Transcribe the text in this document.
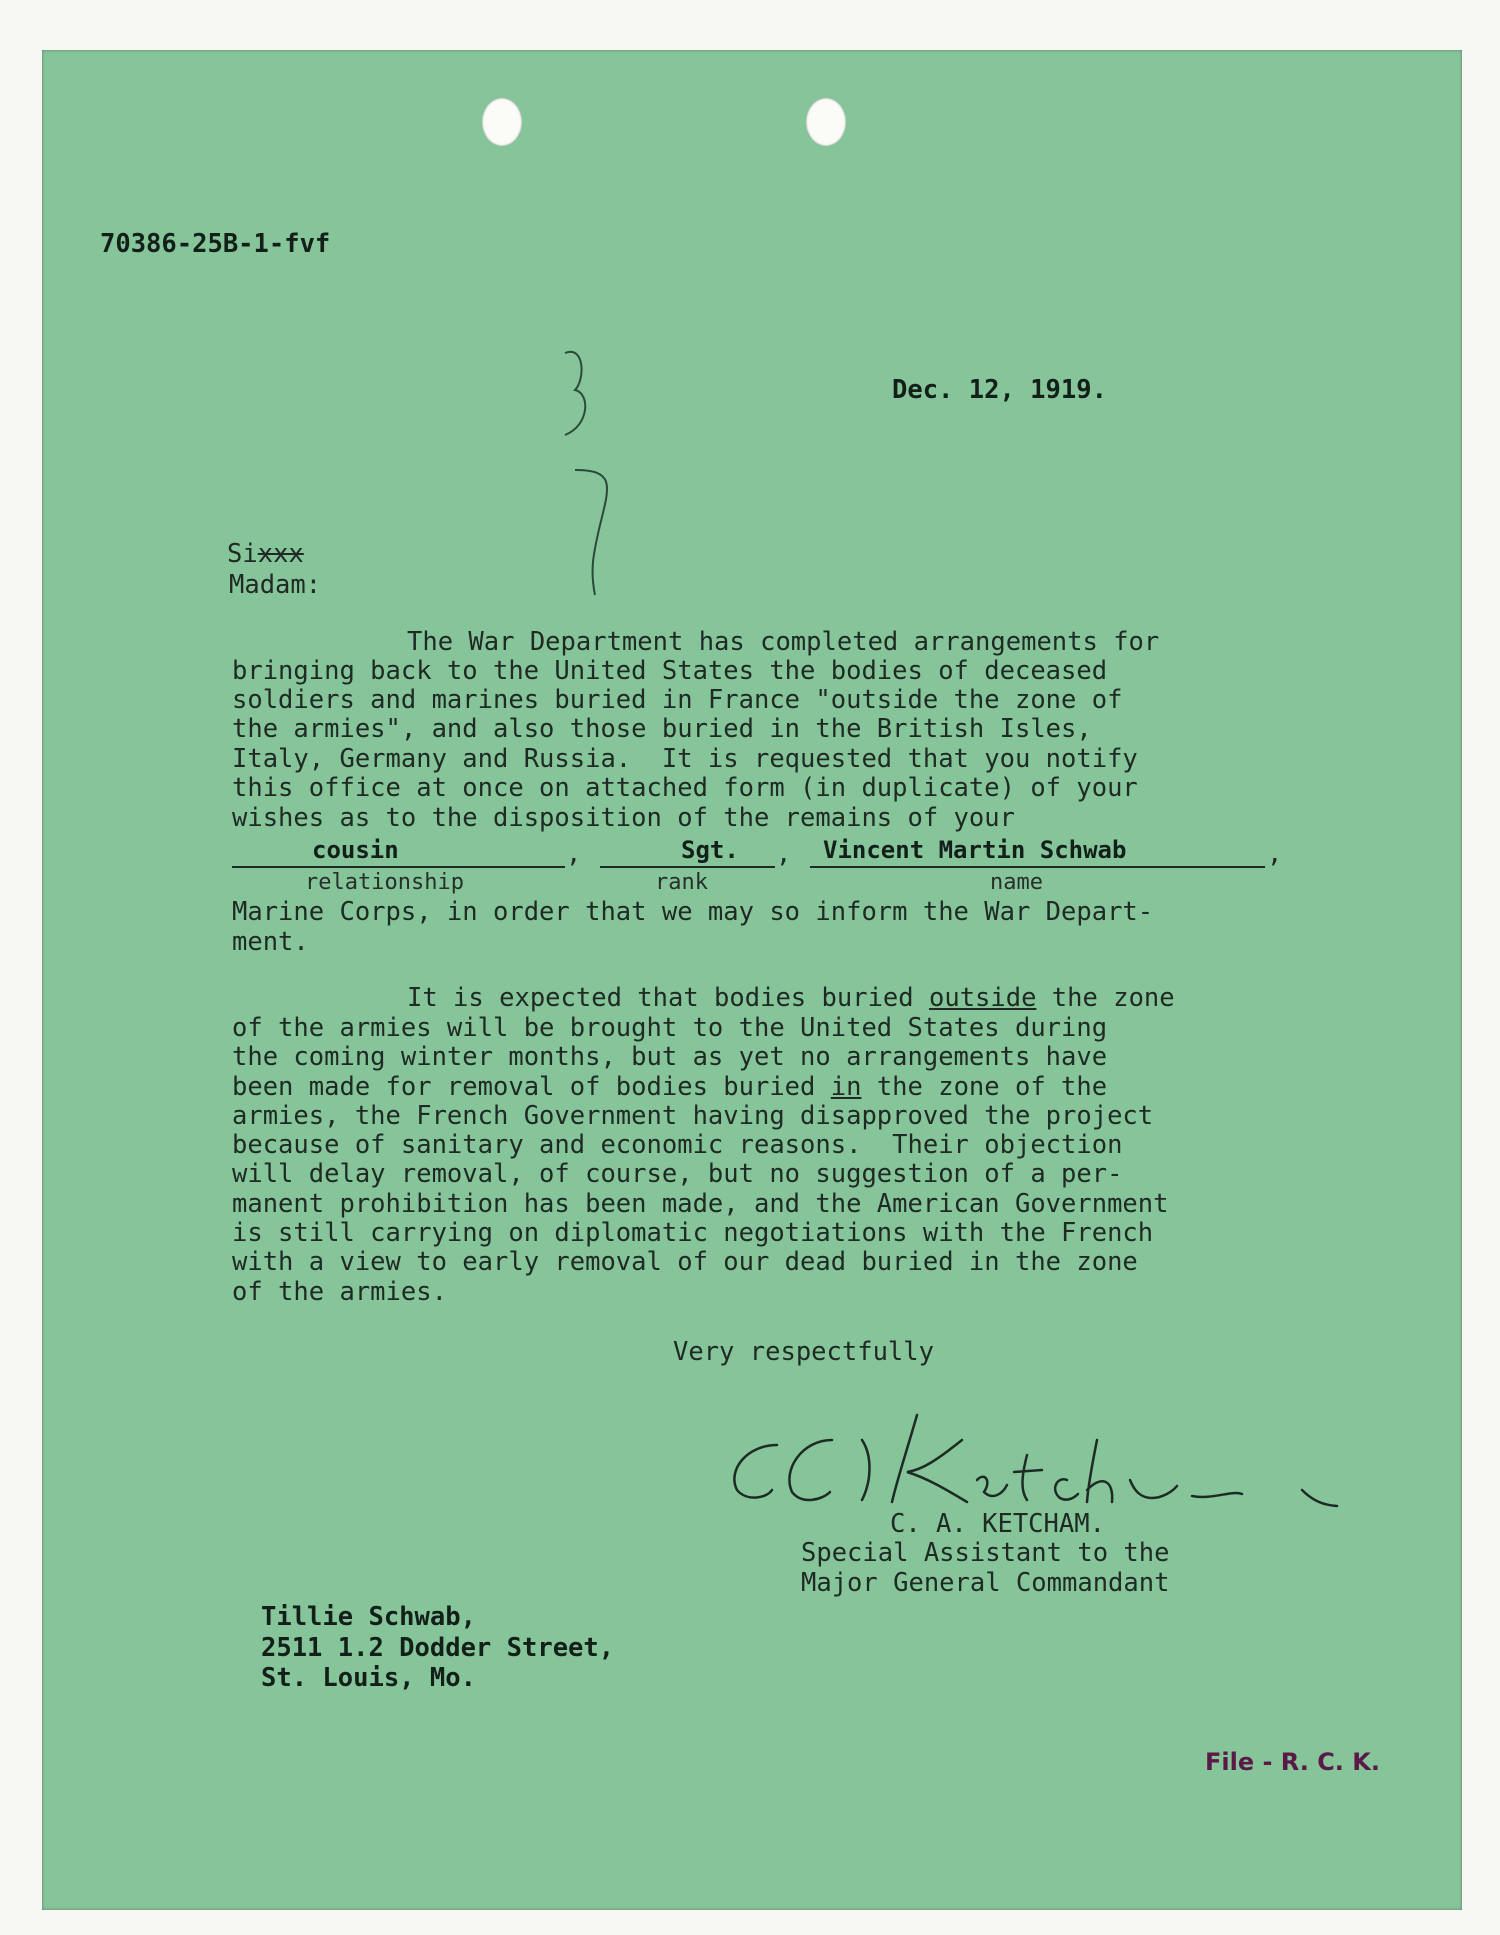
70386-25B-1-fvf
Dec. 12, 1919.
Sixxx
Madam:
The War Department has completed arrangements for
bringing back to the United States the bodies of deceased
soldiers and marines buried in France "outside the zone of
the armies", and also those buried in the British Isles,
Italy, Germany and Russia.  It is requested that you notify
this office at once on attached form (in duplicate) of your
wishes as to the disposition of the remains of your
cousin	,
relationship
Sgt. ,
rank
Vincent Martin Schwab	,
name
Marine Corps, in order that we may so inform the War Depart-
ment.
It is expected that bodies buried outside the zone
of the armies will be brought to the United States during
the coming winter months, but as yet no arrangements have
been made for removal of bodies buried in the zone of the
armies, the French Government having disapproved the project
because of sanitary and economic reasons.  Their objection
will delay removal, of course, but no suggestion of a per-
manent prohibition has been made, and the American Government
is still carrying on diplomatic negotiations with the French
with a view to early removal of our dead buried in the zone
of the armies.
Very respectfully
C. A. KETCHAM.
Special Assistant to the
Major General Commandant
Tillie Schwab,
2511 1.2 Dodder Street,
St. Louis, Mo.
File - R. C. K.
